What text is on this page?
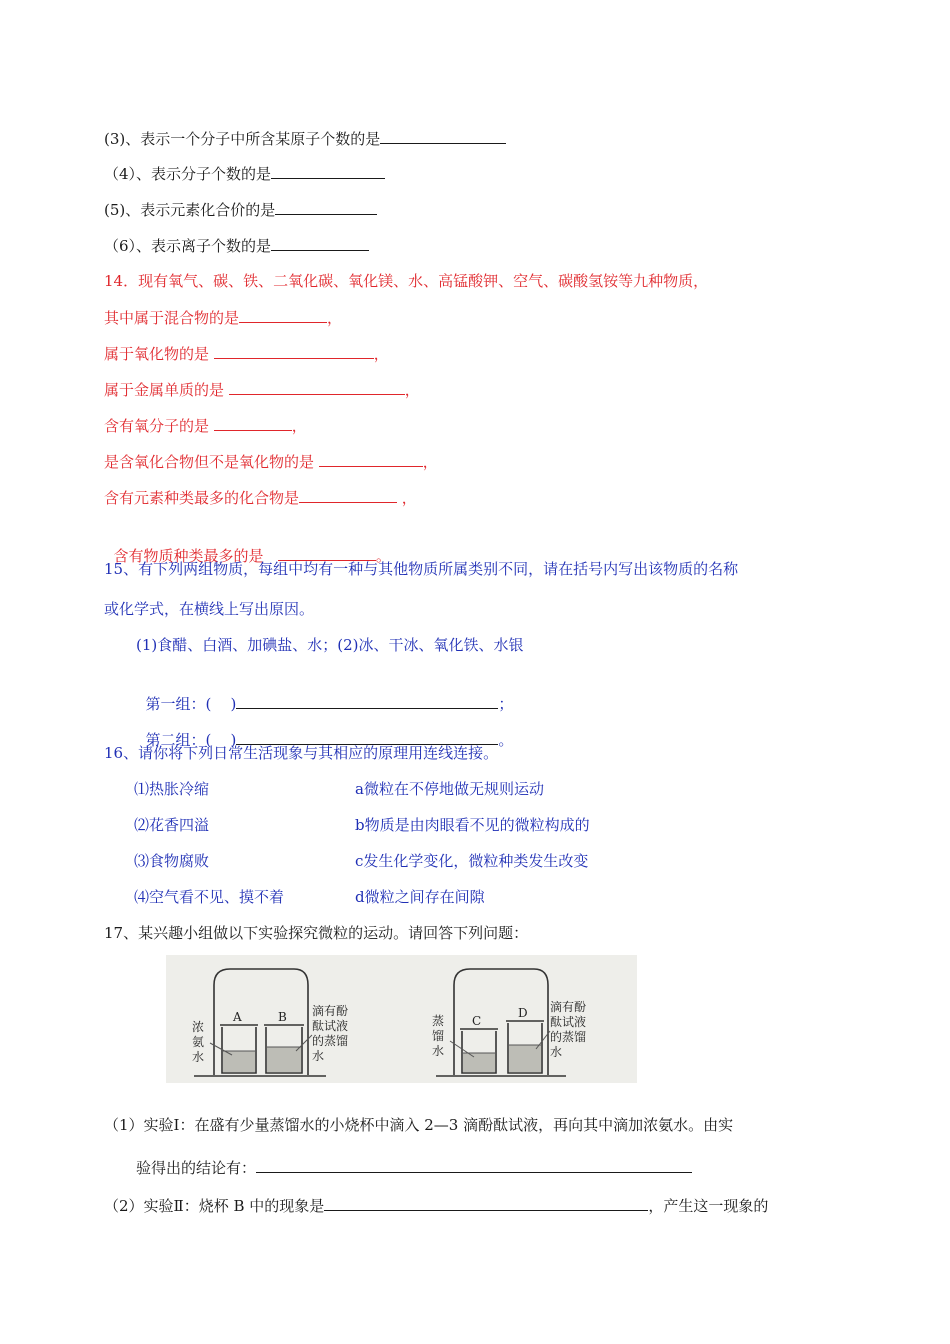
(3)、表示一个分子中所含某原子个数的是
（4）、表示分子个数的是
(5)、表示元素化合价的是
（6）、表示离子个数的是
14．现有氧气、碳、铁、二氧化碳、氧化镁、水、高锰酸钾、空气、碳酸氢铵等九种物质，
其中属于混合物的是	，
属于氧化物的是	，
属于金属单质的是	，
含有氧分子的是	，
是含氧化合物但不是氧化物的是	，
含有元素种类最多的化合物是	，

含有物质种类最多的是	。

15、有下列两组物质，每组中均有一种与其他物质所属类别不同，请在括号内写出该物质的名称
或化学式，在横线上写出原因。
(1)食醋、白酒、加碘盐、水；(2)冰、干冰、氧化铁、水银

第一组：(    )	；

第二组：(    )	。

16、请你将下列日常生活现象与其相应的原理用连线连接。
⑴热胀冷缩	a微粒在不停地做无规则运动
⑵花香四溢	b物质是由肉眼看不见的微粒构成的
⑶食物腐败	c发生化学变化，微粒种类发生改变
⑷空气看不见、摸不着	d微粒之间存在间隙
17、某兴趣小组做以下实验探究微粒的运动。请回答下列问题：
A	B	C
D
浓氨水
滴有酚酞试液的蒸馏水
蒸馏水
滴有酚酞试液的蒸馏水
（1）实验Ⅰ：在盛有少量蒸馏水的小烧杯中滴入 2—3 滴酚酞试液，再向其中滴加浓氨水。由实
验得出的结论有：
（2）实验Ⅱ：烧杯 B 中的现象是	，产生这一现象的
